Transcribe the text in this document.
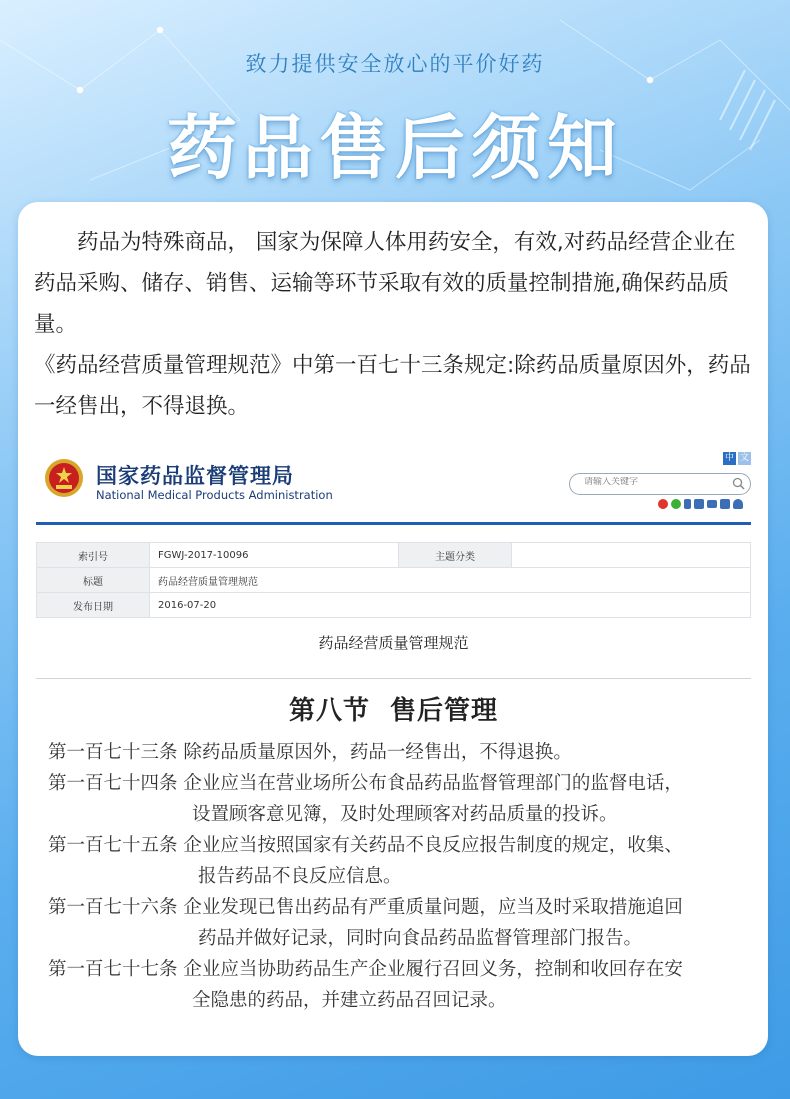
致力提供安全放心的平价好药
药品售后须知

药品为特殊商品， 国家为保障人体用药安全，有效,对药品经营企业在药品采购、储存、销售、运输等环节采取有效的质量控制措施,确保药品质量。

《药品经营质量管理规范》中第一百七十三条规定:除药品质量原因外，药品一经售出，不得退换。

国家药品监督管理局
National Medical Products Administration
中 文
请输入关键字
索引号	FGWJ-2017-10096	主题分类	
标题	药品经营质量管理规范		
发布日期	2016-07-20		
药品经营质量管理规范
第八节  售后管理
第一百七十三条 除药品质量原因外，药品一经售出，不得退换。
第一百七十四条 企业应当在营业场所公布食品药品监督管理部门的监督电话，
设置顾客意见簿，及时处理顾客对药品质量的投诉。
第一百七十五条 企业应当按照国家有关药品不良反应报告制度的规定，收集、
报告药品不良反应信息。
第一百七十六条 企业发现已售出药品有严重质量问题，应当及时采取措施追回
药品并做好记录，同时向食品药品监督管理部门报告。
第一百七十七条 企业应当协助药品生产企业履行召回义务，控制和收回存在安
全隐患的药品，并建立药品召回记录。
